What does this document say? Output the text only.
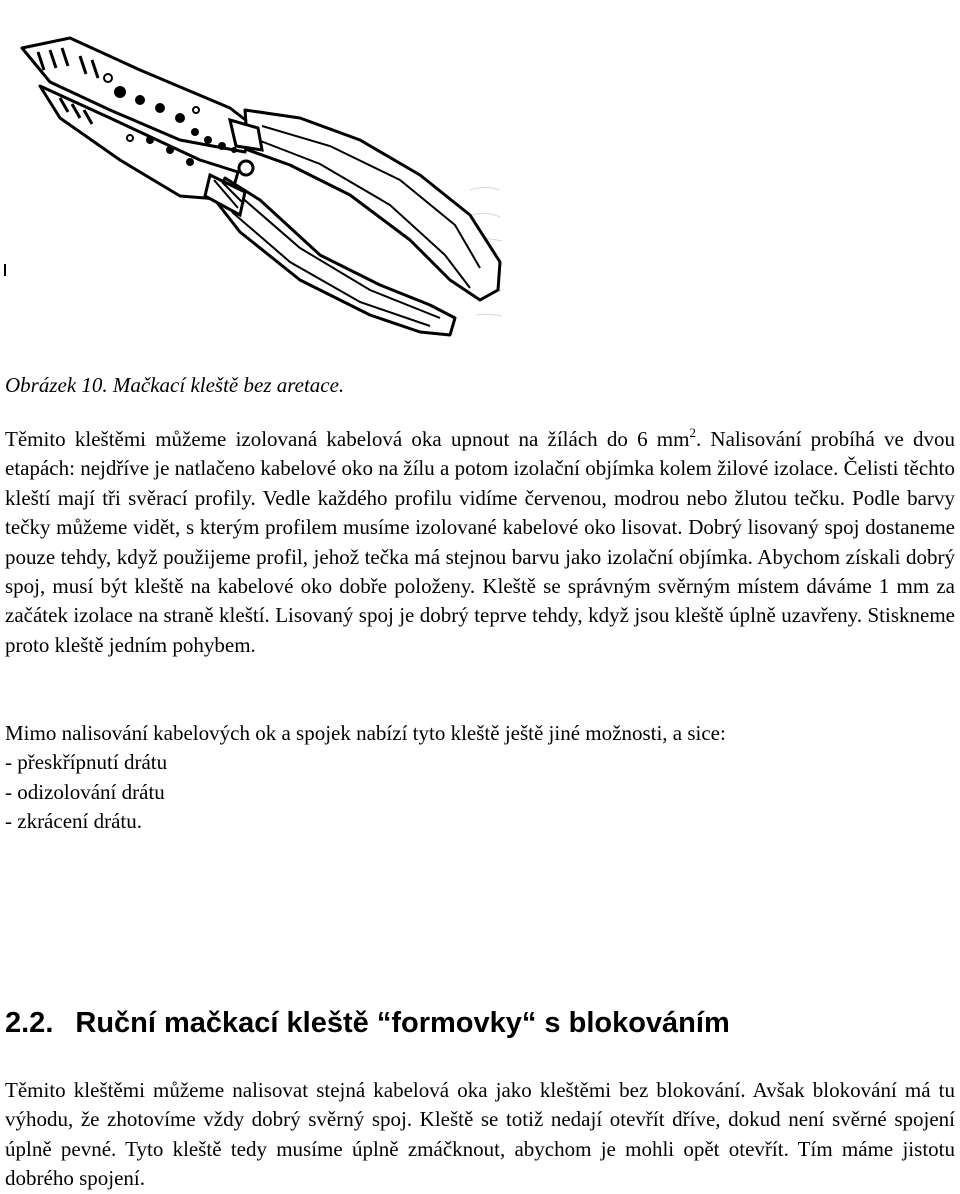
Obrázek 10. Mačkací kleště bez aretace.

Těmito kleštěmi můžeme izolovaná kabelová oka upnout na žílách do 6 $mm^2$. Nalisování probíhá ve dvou etapách: nejdříve je natlačeno kabelové oko na žílu a potom izolační objímka kolem žilové izolace. Čelisti těchto kleští mají tři svěrací profily. Vedle každého profilu vidíme červenou, modrou nebo žlutou tečku. Podle barvy tečky můžeme vidět, s kterým profilem musíme izolované kabelové oko lisovat. Dobrý lisovaný spoj dostaneme pouze tehdy, když použijeme profil, jehož tečka má stejnou barvu jako izolační objímka. Abychom získali dobrý spoj, musí být kleště na kabelové oko dobře položeny. Kleště se správným svěrným místem dáváme 1 mm za začátek izolace na straně kleští. Lisovaný spoj je dobrý teprve tehdy, když jsou kleště úplně uzavřeny. Stiskneme proto kleště jedním pohybem.

Mimo nalisování kabelových ok a spojek nabízí tyto kleště ještě jiné možnosti, a sice:
- přeskřípnutí drátu
- odizolování drátu
- zkrácení drátu.

2.2. Ruční mačkací kleště “formovky“ s blokováním

Těmito kleštěmi můžeme nalisovat stejná kabelová oka jako kleštěmi bez blokování. Avšak blokování má tu výhodu, že zhotovíme vždy dobrý svěrný spoj. Kleště se totiž nedají otevřít dříve, dokud není svěrné spojení úplně pevné. Tyto kleště tedy musíme úplně zmáčknout, abychom je mohli opět otevřít. Tím máme jistotu dobrého spojení.
